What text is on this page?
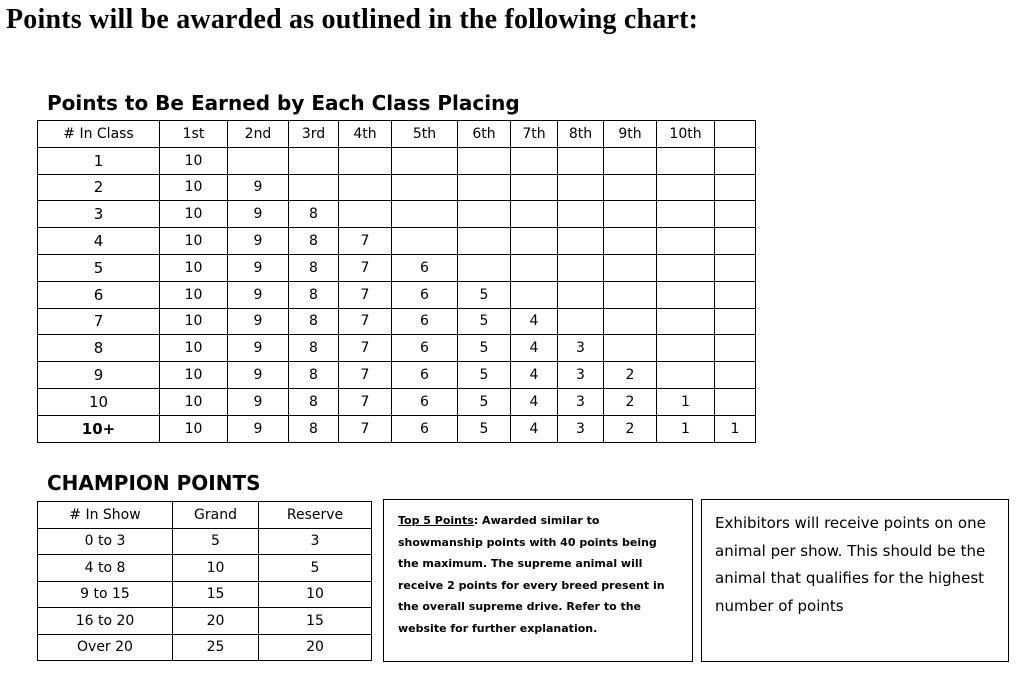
Points will be awarded as outlined in the following chart:
Points to Be Earned by Each Class Placing
# In Class	1st	2nd	3rd	4th	5th	6th	7th	8th	9th	10th	
1	10										
2	10	9									
3	10	9	8								
4	10	9	8	7							
5	10	9	8	7	6						
6	10	9	8	7	6	5					
7	10	9	8	7	6	5	4				
8	10	9	8	7	6	5	4	3			
9	10	9	8	7	6	5	4	3	2		
10	10	9	8	7	6	5	4	3	2	1	
10+	10	9	8	7	6	5	4	3	2	1	1
CHAMPION POINTS
# In Show	Grand	Reserve
0 to 3	5	3
4 to 8	10	5
9 to 15	15	10
16 to 20	20	15
Over 20	25	20

Top 5 Points: Awarded similar to showmanship points with 40 points being the maximum. The supreme animal will receive 2 points for every breed present in the overall supreme drive. Refer to the website for further explanation.

Exhibitors will receive points on one animal per show. This should be the animal that qualifies for the highest number of points
